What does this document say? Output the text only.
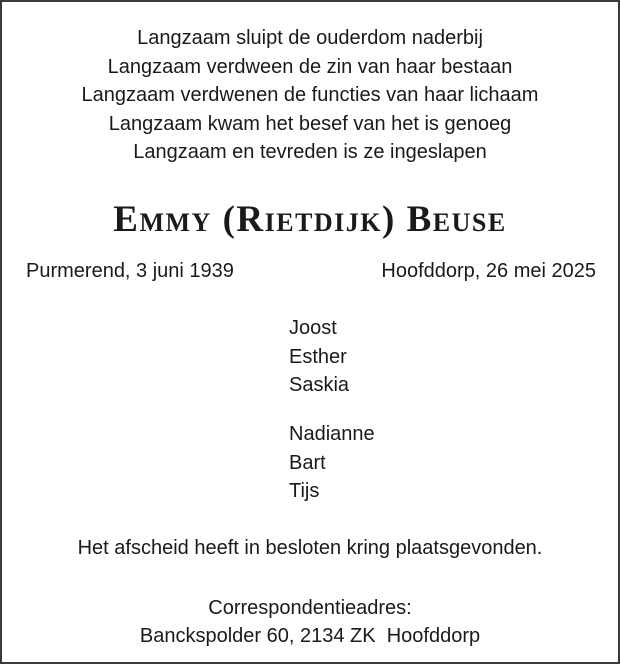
Langzaam sluipt de ouderdom naderbij
Langzaam verdween de zin van haar bestaan
Langzaam verdwenen de functies van haar lichaam
Langzaam kwam het besef van het is genoeg
Langzaam en tevreden is ze ingeslapen
Emmy (Rietdijk) Beuse
Purmerend, 3 juni 1939	Hoofddorp, 26 mei 2025
Joost
Esther
Saskia
Nadianne
Bart
Tijs
Het afscheid heeft in besloten kring plaatsgevonden.
Correspondentieadres:
Banckspolder 60, 2134 ZK  Hoofddorp
